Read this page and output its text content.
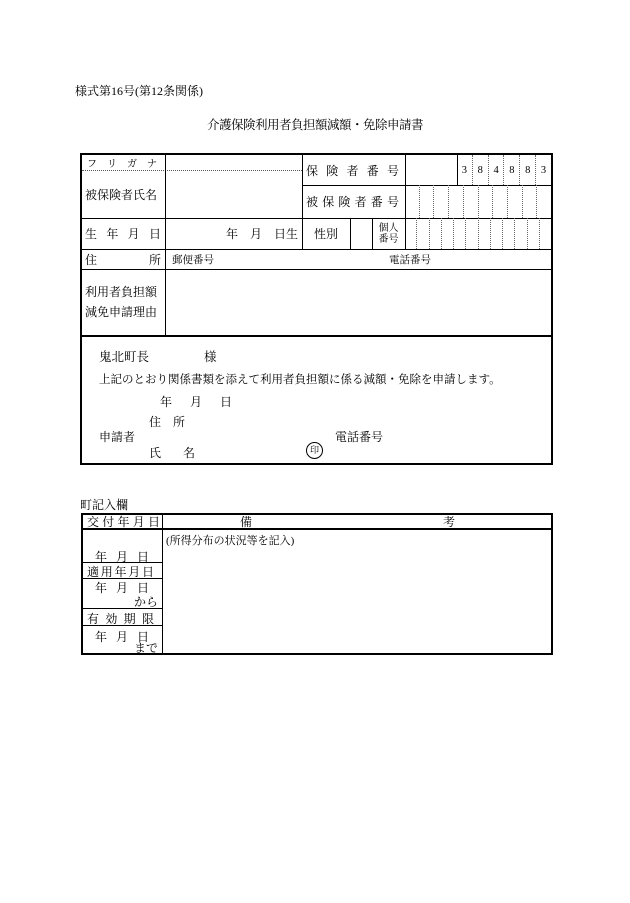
様式第16号(第12条関係)
介護保険利用者負担額減額・免除申請書
フ リ ガ ナ
被保険者氏名
保 険 者 番 号	3	8	4	8	8	3
被 保 険 者 番 号
生 年 月 日	年　月　日生	性別	個人番号
住	所 郵便番号	電話番号
利用者負担額減免申請理由
鬼北町長	様
上記のとおり関係書類を添えて利用者負担額に係る減額・免除を申請します。
年 月 日
住 所
申請者	電話番号
氏 名	印
町記入欄
交 付 年 月 日	備	考
(所得分布の状況等を記入)
年 月 日
適 用 年 月 日
年 月 日
から
有 効 期 限
年 月 日
まで
